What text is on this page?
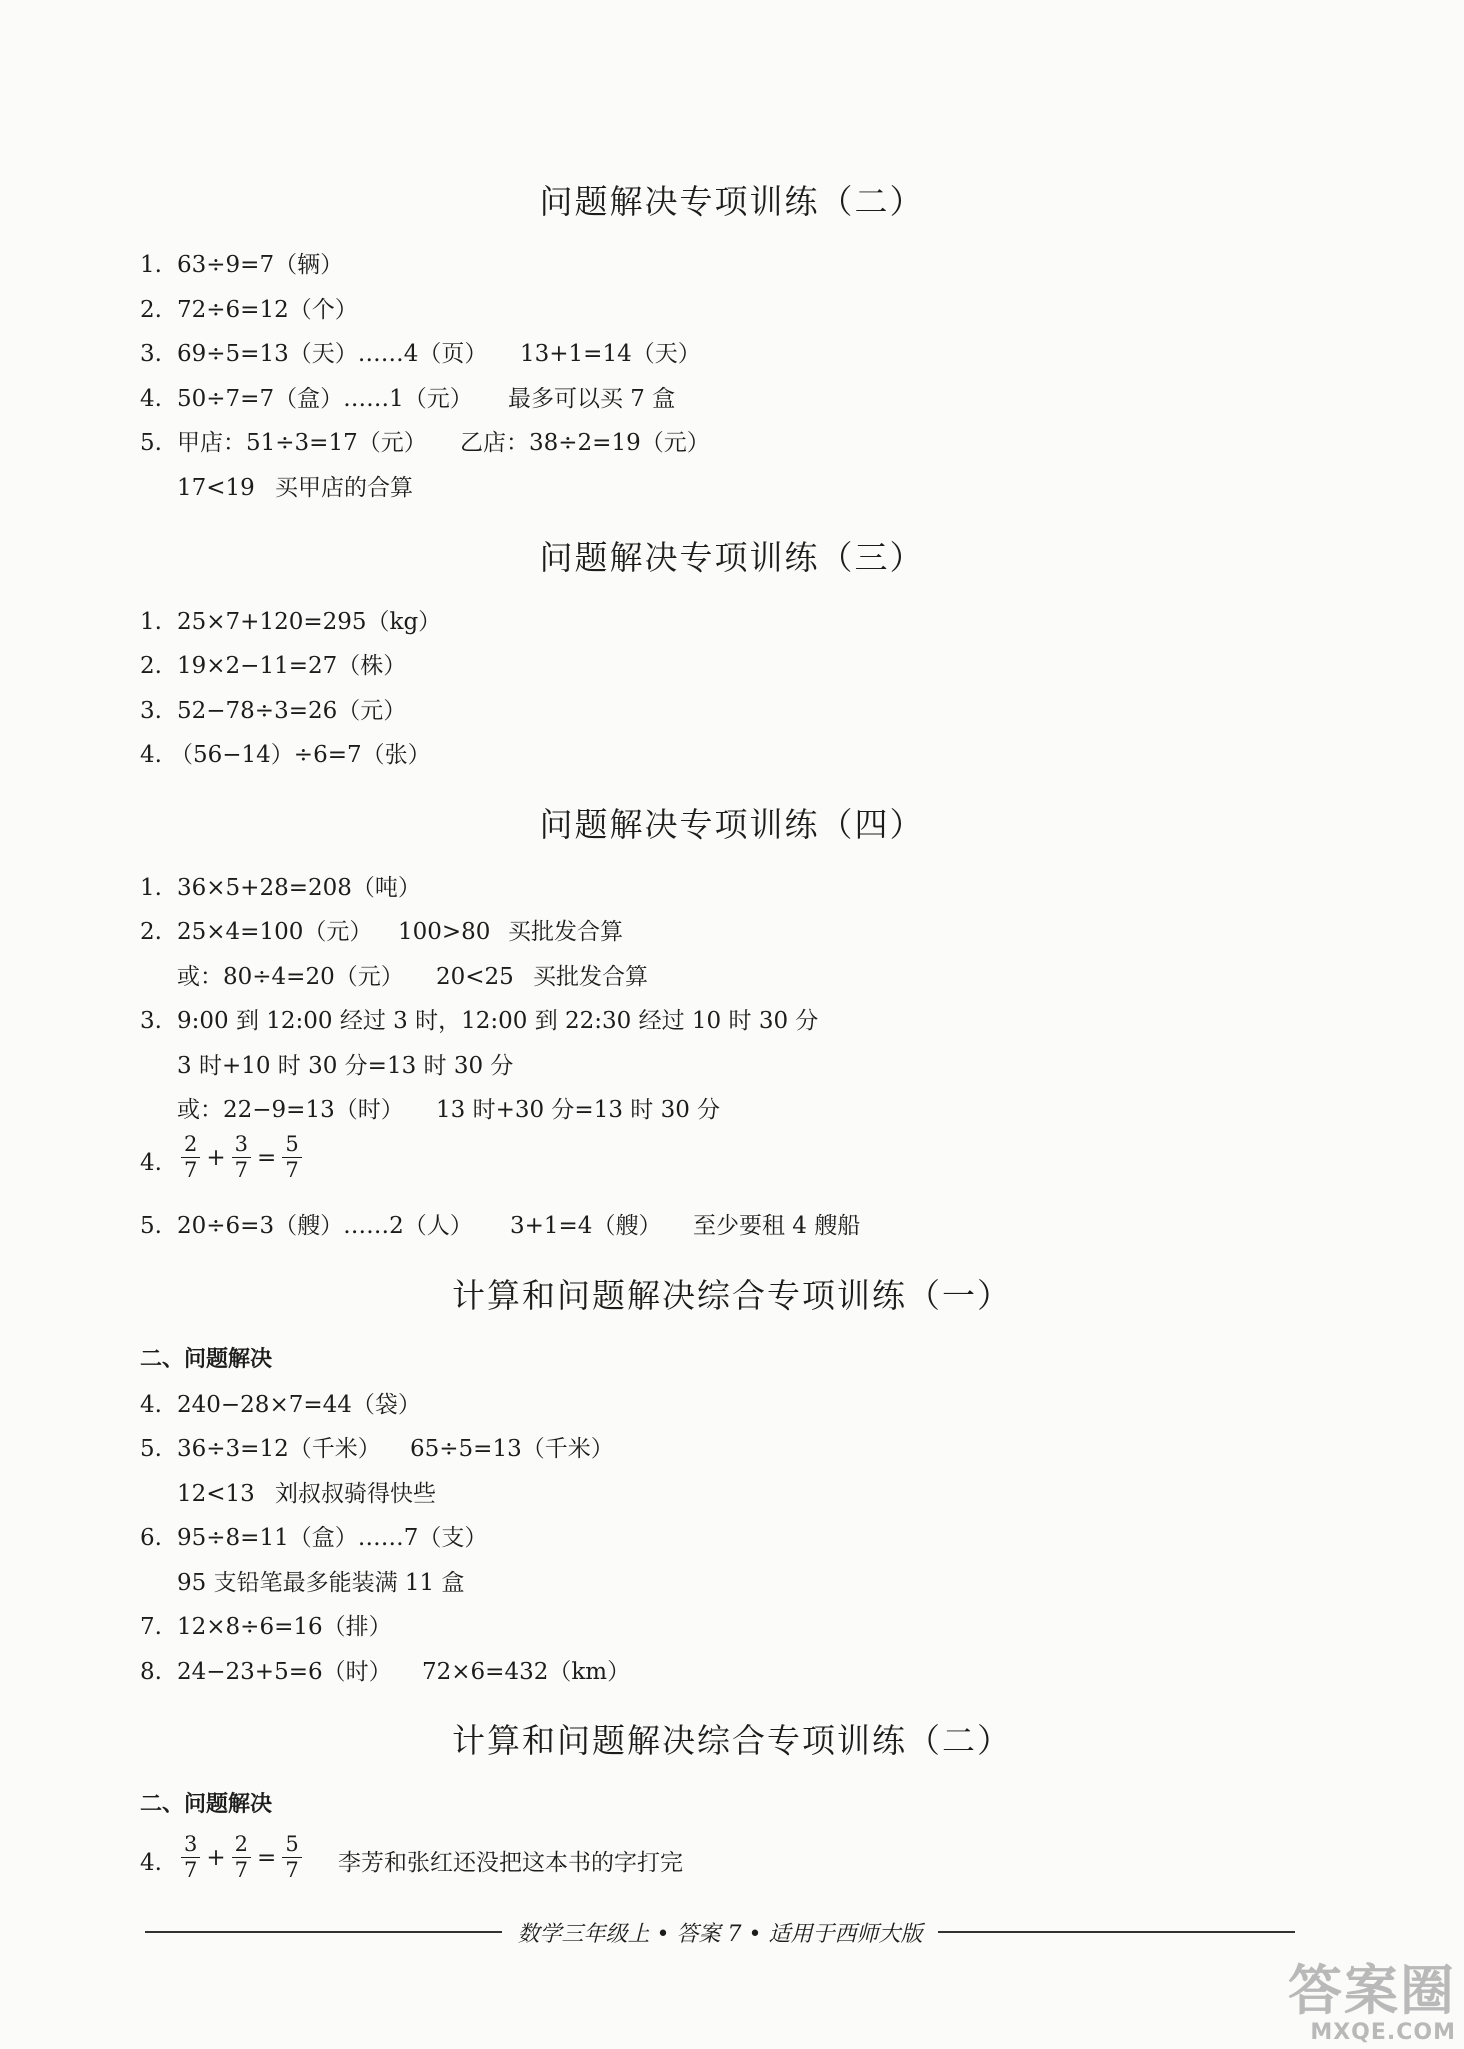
问题解决专项训练（二）
1. 63÷9=7（辆）
2. 72÷6=12（个）
3. 69÷5=13（天）……4（页） 13+1=14（天）
4. 50÷7=7（盒）……1（元） 最多可以买 7 盒
5. 甲店：51÷3=17（元） 乙店：38÷2=19（元）
17<19 买甲店的合算
问题解决专项训练（三）
1. 25×7+120=295（kg）
2. 19×2−11=27（株）
3. 52−78÷3=26（元）
4. （56−14）÷6=7（张）
问题解决专项训练（四）
1. 36×5+28=208（吨）
2. 25×4=100（元） 100>80 买批发合算
或：80÷4=20（元） 20<25 买批发合算
3. 9:00 到 12:00 经过 3 时，12:00 到 22:30 经过 10 时 30 分
3 时+10 时 30 分=13 时 30 分
或：22−9=13（时） 13 时+30 分=13 时 30 分
4. $\frac{2}{7} + \frac{3}{7} = \frac{5}{7}$
5. 20÷6=3（艘）……2（人） 3+1=4（艘） 至少要租 4 艘船
计算和问题解决综合专项训练（一）
二、问题解决
4. 240−28×7=44（袋）
5. 36÷3=12（千米） 65÷5=13（千米）
12<13 刘叔叔骑得快些
6. 95÷8=11（盒）……7（支）
95 支铅笔最多能装满 11 盒
7. 12×8÷6=16（排）
8. 24−23+5=6（时） 72×6=432（km）
计算和问题解决综合专项训练（二）
二、问题解决
4. $\frac{3}{7} + \frac{2}{7} = \frac{5}{7}$ 李芳和张红还没把这本书的字打完
数学三年级上 • 答案 7 • 适用于西师大版
答案圈
MXQE.COM
